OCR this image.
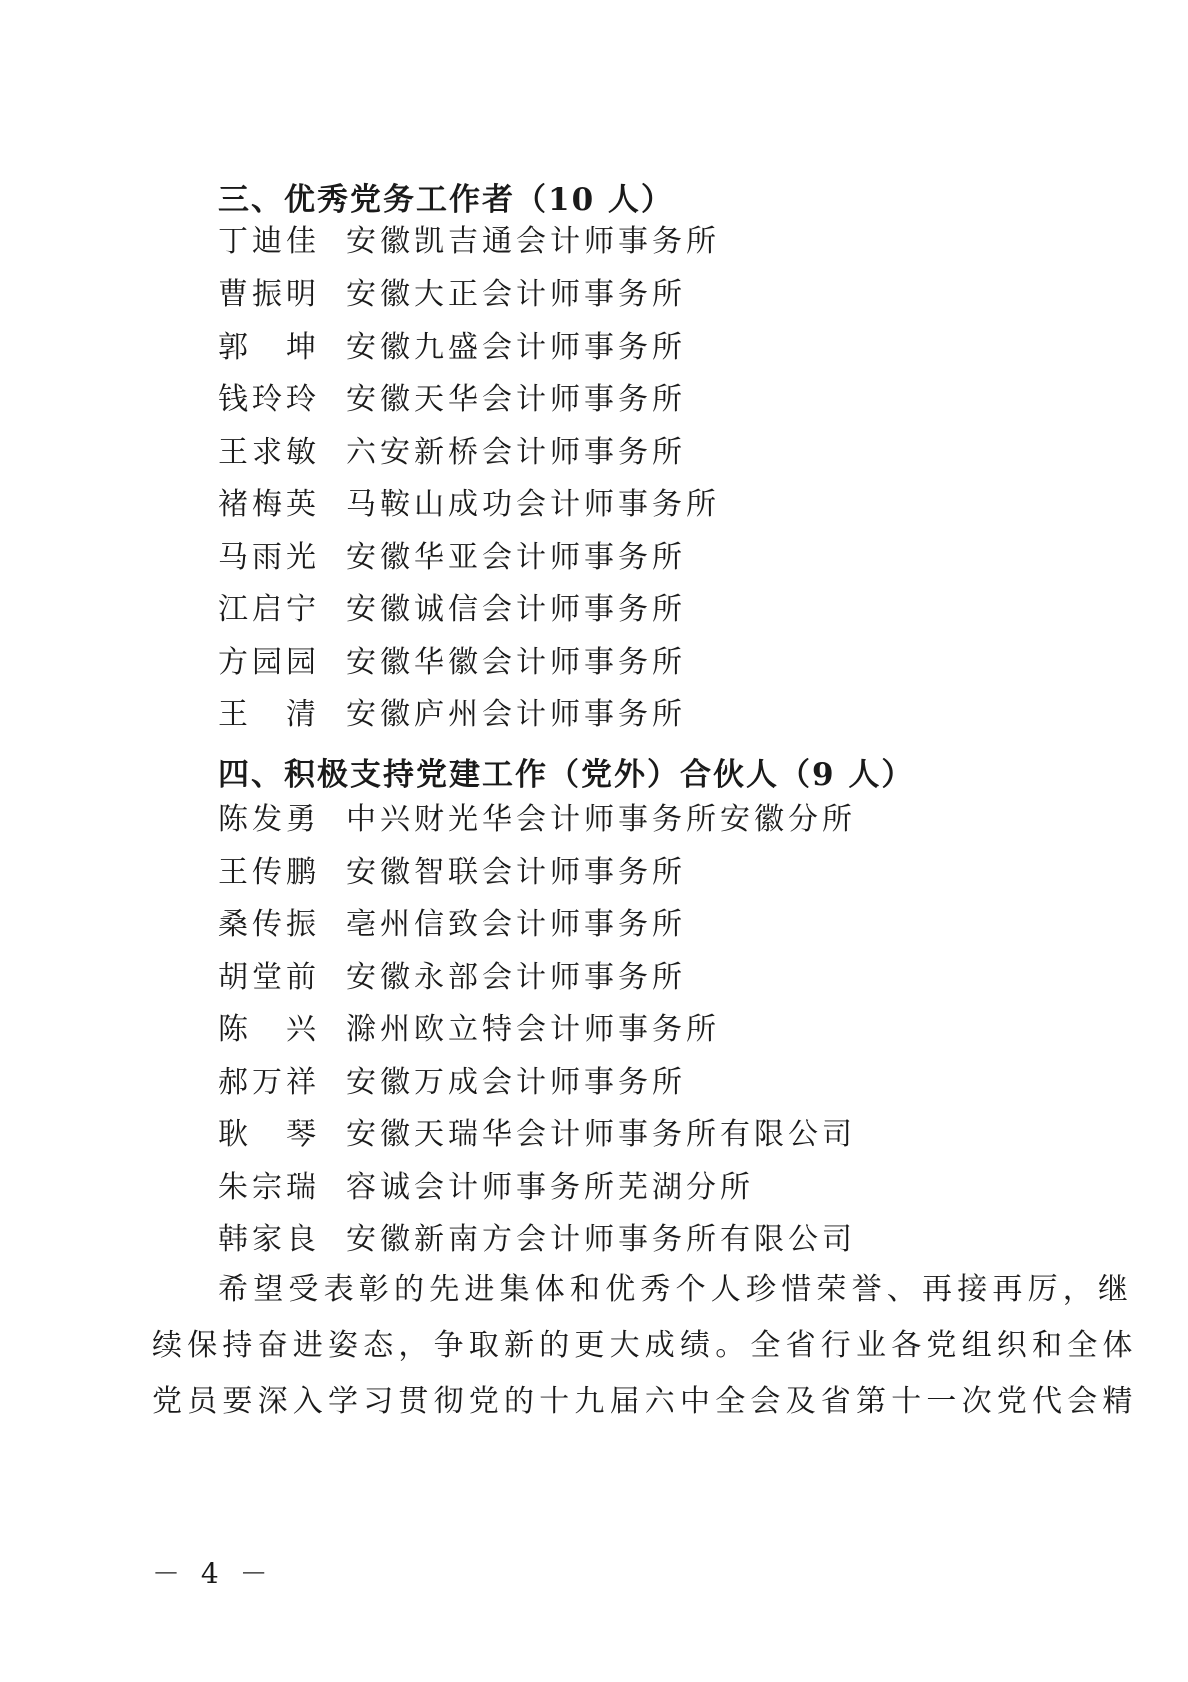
三、优秀党务工作者（10 人）
丁迪佳 安徽凯吉通会计师事务所
曹振明 安徽大正会计师事务所
郭　坤 安徽九盛会计师事务所
钱玲玲 安徽天华会计师事务所
王求敏 六安新桥会计师事务所
褚梅英 马鞍山成功会计师事务所
马雨光 安徽华亚会计师事务所
江启宁 安徽诚信会计师事务所
方园园 安徽华徽会计师事务所
王　清 安徽庐州会计师事务所
四、积极支持党建工作（党外）合伙人（9 人）
陈发勇 中兴财光华会计师事务所安徽分所
王传鹏 安徽智联会计师事务所
桑传振 亳州信致会计师事务所
胡堂前 安徽永部会计师事务所
陈　兴 滁州欧立特会计师事务所
郝万祥 安徽万成会计师事务所
耿　琴 安徽天瑞华会计师事务所有限公司
朱宗瑞 容诚会计师事务所芜湖分所
韩家良 安徽新南方会计师事务所有限公司
希望受表彰的先进集体和优秀个人珍惜荣誉、再接再厉，继
续保持奋进姿态，争取新的更大成绩。全省行业各党组织和全体
党员要深入学习贯彻党的十九届六中全会及省第十一次党代会精
－ 4 －
